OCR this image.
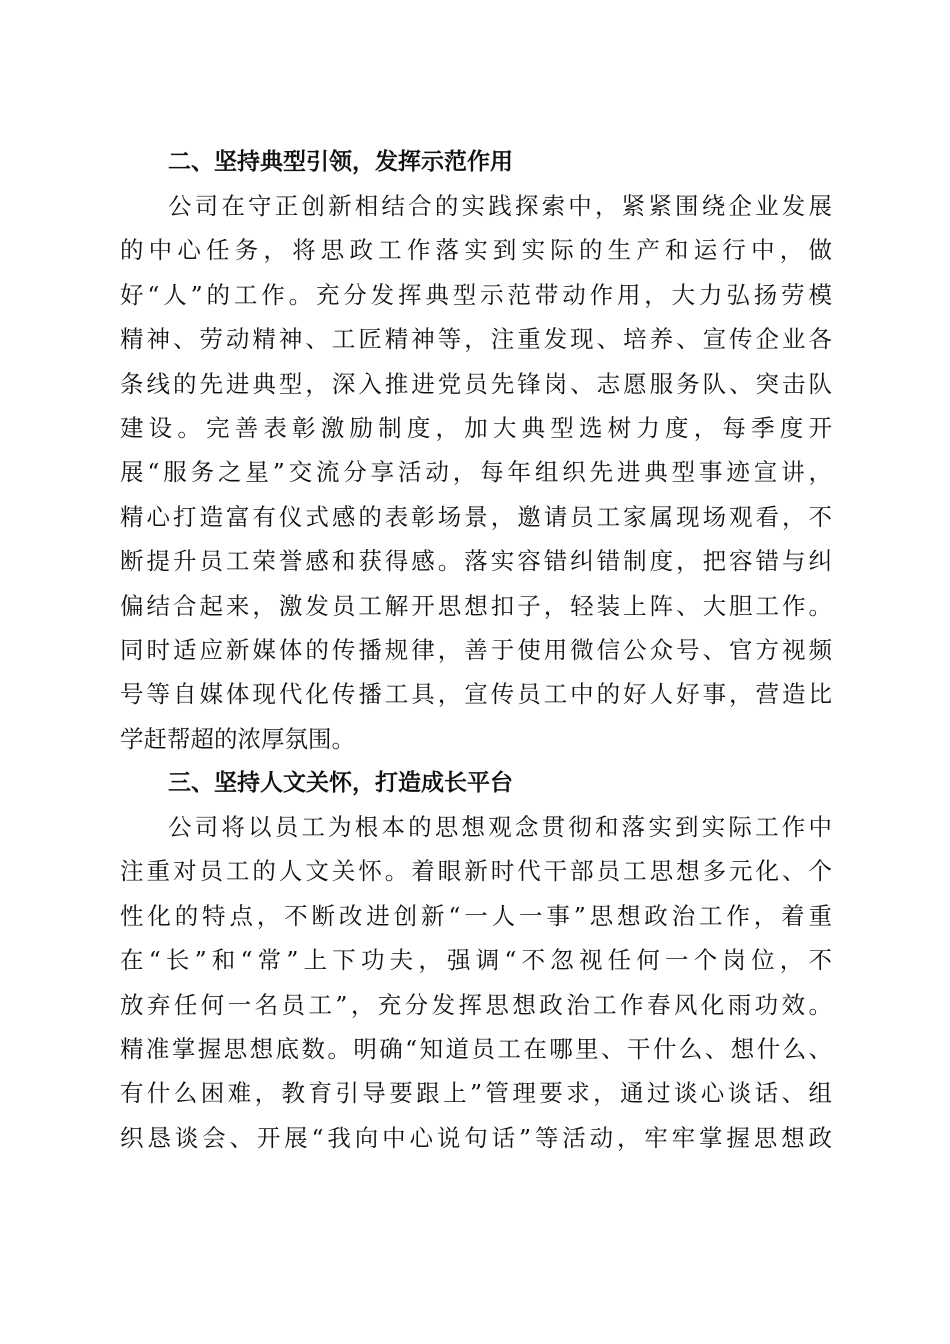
二、坚持典型引领，发挥示范作用
公司在守正创新相结合的实践探索中，紧紧围绕企业发展
的中心任务，将思政工作落实到实际的生产和运行中，做
好“人”的工作。充分发挥典型示范带动作用，大力弘扬劳模
精神、劳动精神、工匠精神等，注重发现、培养、宣传企业各
条线的先进典型，深入推进党员先锋岗、志愿服务队、突击队
建设。完善表彰激励制度，加大典型选树力度，每季度开
展“服务之星”交流分享活动，每年组织先进典型事迹宣讲，
精心打造富有仪式感的表彰场景，邀请员工家属现场观看，不
断提升员工荣誉感和获得感。落实容错纠错制度，把容错与纠
偏结合起来，激发员工解开思想扣子，轻装上阵、大胆工作。
同时适应新媒体的传播规律，善于使用微信公众号、官方视频
号等自媒体现代化传播工具，宣传员工中的好人好事，营造比
学赶帮超的浓厚氛围。
三、坚持人文关怀，打造成长平台
公司将以员工为根本的思想观念贯彻和落实到实际工作中
注重对员工的人文关怀。着眼新时代干部员工思想多元化、个
性化的特点，不断改进创新“一人一事”思想政治工作，着重
在“长”和“常”上下功夫，强调“不忽视任何一个岗位，不
放弃任何一名员工”，充分发挥思想政治工作春风化雨功效。
精准掌握思想底数。明确“知道员工在哪里、干什么、想什么、
有什么困难，教育引导要跟上”管理要求，通过谈心谈话、组
织恳谈会、开展“我向中心说句话”等活动，牢牢掌握思想政
